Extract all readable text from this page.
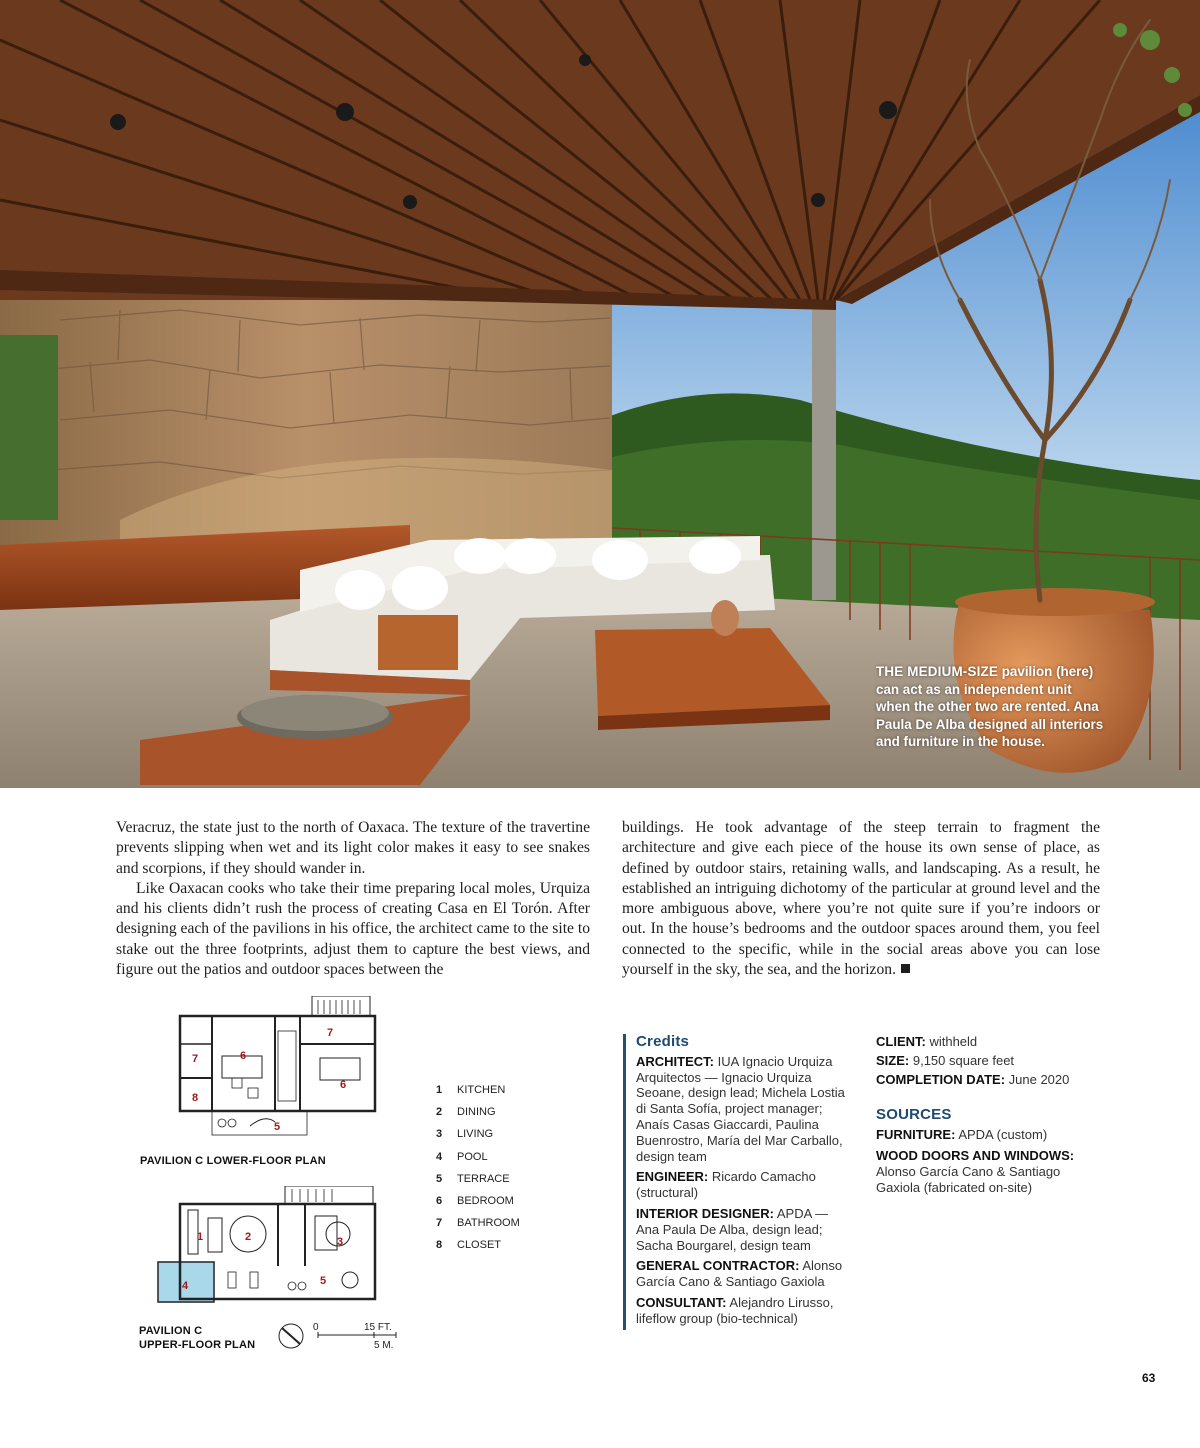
THE MEDIUM-SIZE pavilion (here) can act as an independent unit when the other two are rented. Ana Paula De Alba designed all interiors and furniture in the house.

Veracruz, the state just to the north of Oaxaca. The texture of the travertine prevents slipping when wet and its light color makes it easy to see snakes and scorpions, if they should wander in.

Like Oaxacan cooks who take their time preparing local moles, Urquiza and his clients didn’t rush the process of creating Casa en El Torón. After designing each of the pavilions in his office, the architect came to the site to stake out the three footprints, adjust them to capture the best views, and figure out the patios and outdoor spaces between the

buildings. He took advantage of the steep terrain to fragment the architecture and give each piece of the house its own sense of place, as defined by outdoor stairs, retaining walls, and landscaping. As a result, he established an intriguing dichotomy of the particular at ground level and the more ambiguous above, where you’re not quite sure if you’re indoors or out. In the house’s bedrooms and the outdoor spaces around them, you feel connected to the specific, while in the social areas above you can lose yourself in the sky, the sea, and the horizon.

7	6
7
6
8
5
PAVILION C LOWER-FLOOR PLAN
1	2	3
4	5
PAVILION C
UPPER-FLOOR PLAN
0	15 FT.
5 M.
1	KITCHEN
2	DINING
3	LIVING
4	POOL
5	TERRACE
6	BEDROOM
7	BATHROOM
8	CLOSET
Credits
ARCHITECT: IUA Ignacio Urquiza Arquitectos — Ignacio Urquiza Seoane, design lead; Michela Lostia di Santa Sofía, project manager; Anaís Casas Giaccardi, Paulina Buenrostro, María del Mar Carballo, design team
ENGINEER: Ricardo Camacho (structural)
INTERIOR DESIGNER: APDA — Ana Paula De Alba, design lead; Sacha Bourgarel, design team
GENERAL CONTRACTOR: Alonso García Cano & Santiago Gaxiola
CONSULTANT: Alejandro Lirusso, lifeflow group (bio-technical)
CLIENT: withheld
SIZE: 9,150 square feet
COMPLETION DATE: June 2020
SOURCES
FURNITURE: APDA (custom)
WOOD DOORS AND WINDOWS: Alonso García Cano & Santiago Gaxiola (fabricated on-site)
63
